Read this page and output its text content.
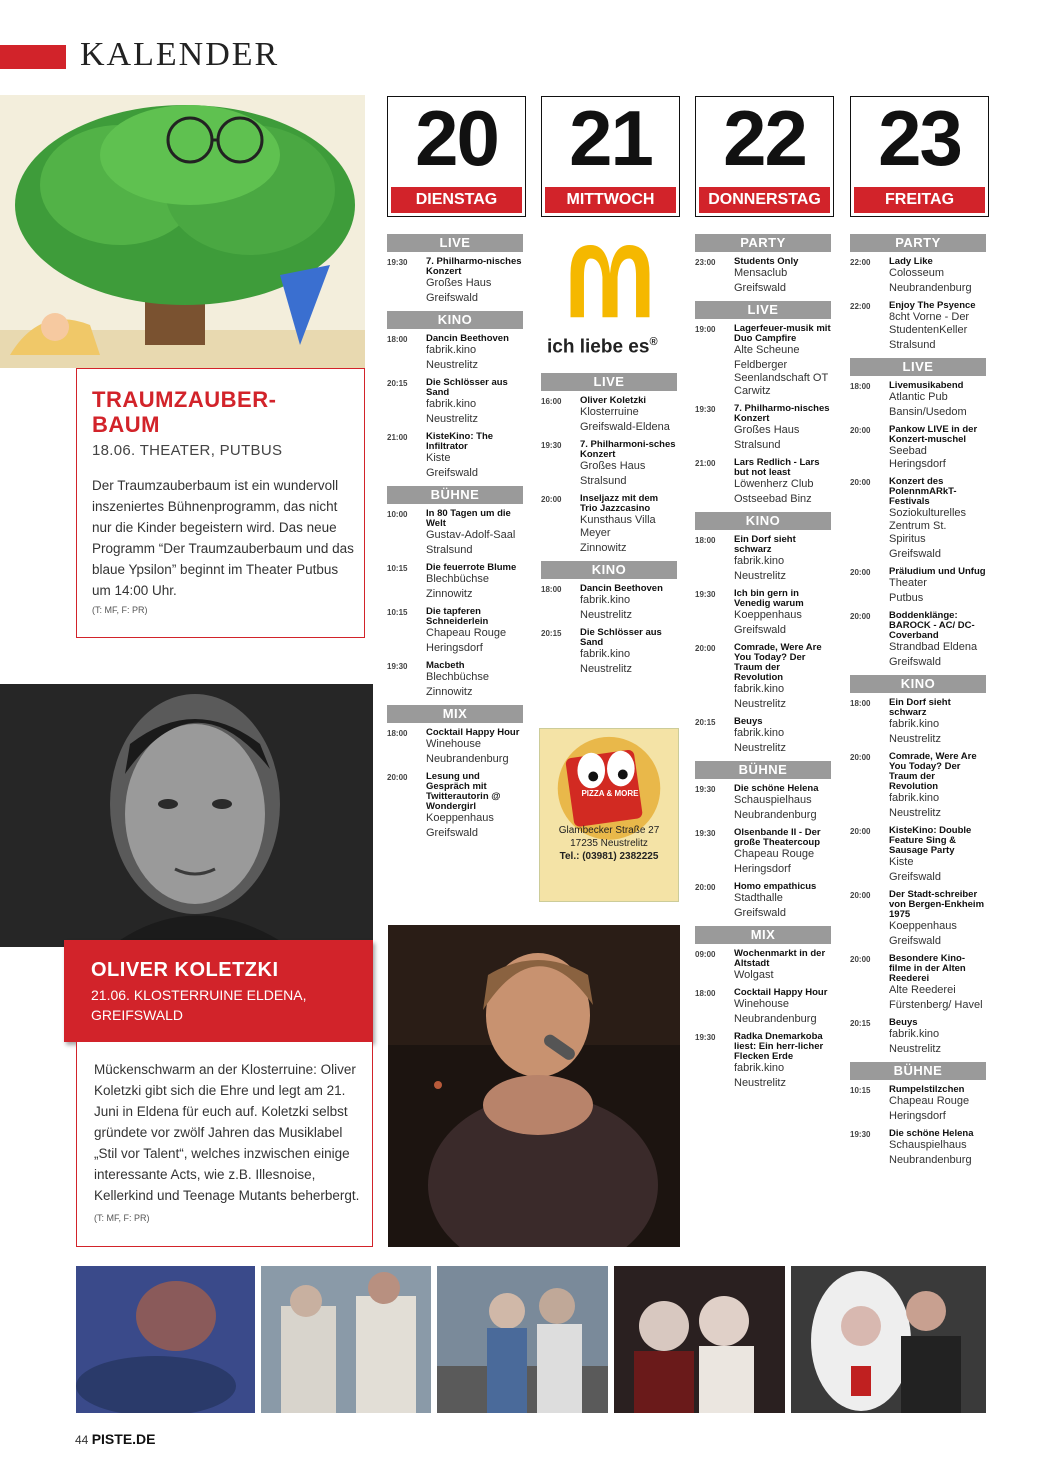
KALENDER
TRAUMZAUBER-BAUM
18.06. THEATER, PUTBUS
Der Traumzauberbaum ist ein wundervoll inszeniertes Bühnenprogramm, das nicht nur die Kinder begeistern wird. Das neue Programm “Der Traumzauberbaum und das blaue Ypsilon” beginnt im Theater Putbus um 14:00 Uhr.
(T: MF, F: PR)
OLIVER KOLETZKI
21.06. KLOSTERRUINE ELDENA, GREIFSWALD
Mückenschwarm an der Klosterruine: Oliver Koletzki gibt sich die Ehre und legt am 21. Juni in Eldena für euch auf. Koletzki selbst gründete vor zwölf Jahren das Musiklabel „Stil vor Talent“, welches inzwischen einige interessante Acts, wie z.B. Illesnoise, Kellerkind und Teenage Mutants beherbergt. (T: MF, F: PR)
20
DIENSTAG
21
MITTWOCH
22
DONNERSTAG
23
FREITAG
ich liebe es®
PIZZA & MORE
Glambecker Straße 27
17235 Neustrelitz
Tel.: (03981) 2382225
LIVE
19:30	7. Philharmo-nisches Konzert
Großes Haus
Greifswald
KINO
18:00	Dancin Beethoven
fabrik.kino
Neustrelitz
20:15	Die Schlösser aus Sand
fabrik.kino
Neustrelitz
21:00	KisteKino: The Infiltrator
Kiste
Greifswald
BÜHNE
10:00	In 80 Tagen um die Welt
Gustav-Adolf-Saal
Stralsund
10:15	Die feuerrote Blume
Blechbüchse
Zinnowitz
10:15	Die tapferen Schneiderlein
Chapeau Rouge
Heringsdorf
19:30	Macbeth
Blechbüchse
Zinnowitz
MIX
18:00	Cocktail Happy Hour
Winehouse
Neubrandenburg
20:00	Lesung und Gespräch mit Twitterautorin @ Wondergirl
Koeppenhaus
Greifswald
LIVE
16:00	Oliver Koletzki
Klosterruine
Greifswald-Eldena
19:30	7. Philharmoni-sches Konzert
Großes Haus
Stralsund
20:00	Inseljazz mit dem Trio Jazzcasino
Kunsthaus Villa Meyer
Zinnowitz
KINO
18:00	Dancin Beethoven
fabrik.kino
Neustrelitz
20:15	Die Schlösser aus Sand
fabrik.kino
Neustrelitz
PARTY
23:00	Students Only
Mensaclub
Greifswald
LIVE
19:00	Lagerfeuer-musik mit Duo Campfire
Alte Scheune
Feldberger Seenlandschaft OT Carwitz
19:30	7. Philharmo-nisches Konzert
Großes Haus
Stralsund
21:00	Lars Redlich - Lars but not least
Löwenherz Club
Ostseebad Binz
KINO
18:00	Ein Dorf sieht schwarz
fabrik.kino
Neustrelitz
19:30	Ich bin gern in Venedig warum
Koeppenhaus
Greifswald
20:00	Comrade, Were Are You Today? Der Traum der Revolution
fabrik.kino
Neustrelitz
20:15	Beuys
fabrik.kino
Neustrelitz
BÜHNE
19:30	Die schöne Helena
Schauspielhaus
Neubrandenburg
19:30	Olsenbande II - Der große Theatercoup
Chapeau Rouge
Heringsdorf
20:00	Homo empathicus
Stadthalle
Greifswald
MIX
09:00	Wochenmarkt in der Altstadt
Wolgast
18:00	Cocktail Happy Hour
Winehouse
Neubrandenburg
19:30	Radka Dnemarkoba liest: Ein herr-licher Flecken Erde
fabrik.kino
Neustrelitz
PARTY
22:00	Lady Like
Colosseum
Neubrandenburg
22:00	Enjoy The Psyence
8cht Vorne - Der StudentenKeller
Stralsund
LIVE
18:00	Livemusikabend
Atlantic Pub
Bansin/Usedom
20:00	Pankow LIVE in der Konzert-muschel
Seebad Heringsdorf
20:00	Konzert des PolennmARkT-Festivals
Soziokulturelles Zentrum St. Spiritus
Greifswald
20:00	Präludium und Unfug
Theater
Putbus
20:00	Boddenklänge: BAROCK - AC/ DC-Coverband
Strandbad Eldena
Greifswald
KINO
18:00	Ein Dorf sieht schwarz
fabrik.kino
Neustrelitz
20:00	Comrade, Were Are You Today? Der Traum der Revolution
fabrik.kino
Neustrelitz
20:00	KisteKino: Double Feature Sing & Sausage Party
Kiste
Greifswald
20:00	Der Stadt-schreiber von Bergen-Enkheim 1975
Koeppenhaus
Greifswald
20:00	Besondere Kino-filme in der Alten Reederei
Alte Reederei
Fürstenberg/ Havel
20:15	Beuys
fabrik.kino
Neustrelitz
BÜHNE
10:15	Rumpelstilzchen
Chapeau Rouge
Heringsdorf
19:30	Die schöne Helena
Schauspielhaus
Neubrandenburg
44 PISTE.DE
